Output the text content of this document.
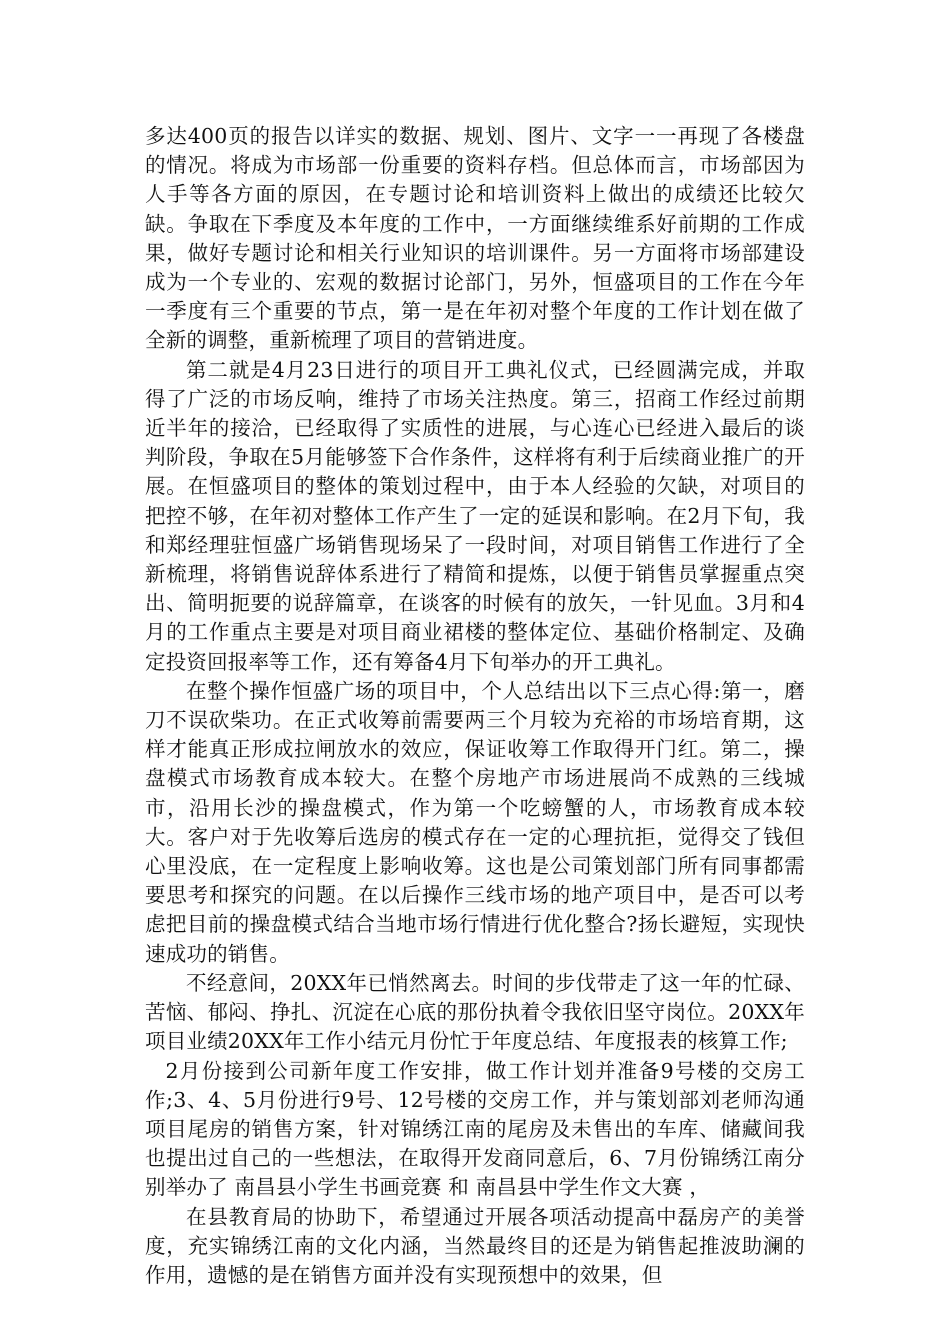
多达400页的报告以详实的数据、规划、图片、文字一一再现了各楼盘的情况。将成为市场部一份重要的资料存档。但总体而言，市场部因为人手等各方面的原因，在专题讨论和培训资料上做出的成绩还比较欠缺。争取在下季度及本年度的工作中，一方面继续维系好前期的工作成果，做好专题讨论和相关行业知识的培训课件。另一方面将市场部建设成为一个专业的、宏观的数据讨论部门，另外，恒盛项目的工作在今年一季度有三个重要的节点，第一是在年初对整个年度的工作计划在做了全新的调整，重新梳理了项目的营销进度。

第二就是4月23日进行的项目开工典礼仪式，已经圆满完成，并取得了广泛的市场反响，维持了市场关注热度。第三，招商工作经过前期近半年的接洽，已经取得了实质性的进展，与心连心已经进入最后的谈判阶段，争取在5月能够签下合作条件，这样将有利于后续商业推广的开展。在恒盛项目的整体的策划过程中，由于本人经验的欠缺，对项目的把控不够，在年初对整体工作产生了一定的延误和影响。在2月下旬，我和郑经理驻恒盛广场销售现场呆了一段时间，对项目销售工作进行了全新梳理，将销售说辞体系进行了精简和提炼，以便于销售员掌握重点突出、简明扼要的说辞篇章，在谈客的时候有的放矢，一针见血。3月和4月的工作重点主要是对项目商业裙楼的整体定位、基础价格制定、及确定投资回报率等工作，还有筹备4月下旬举办的开工典礼。

在整个操作恒盛广场的项目中，个人总结出以下三点心得:第一，磨刀不误砍柴功。在正式收筹前需要两三个月较为充裕的市场培育期，这样才能真正形成拉闸放水的效应，保证收筹工作取得开门红。第二，操盘模式市场教育成本较大。在整个房地产市场进展尚不成熟的三线城市，沿用长沙的操盘模式，作为第一个吃螃蟹的人，市场教育成本较大。客户对于先收筹后选房的模式存在一定的心理抗拒，觉得交了钱但心里没底，在一定程度上影响收筹。这也是公司策划部门所有同事都需要思考和探究的问题。在以后操作三线市场的地产项目中，是否可以考虑把目前的操盘模式结合当地市场行情进行优化整合?扬长避短，实现快速成功的销售。

不经意间，20XX年已悄然离去。时间的步伐带走了这一年的忙碌、苦恼、郁闷、挣扎、沉淀在心底的那份执着令我依旧坚守岗位。20XX年项目业绩20XX年工作小结元月份忙于年度总结、年度报表的核算工作;

2月份接到公司新年度工作安排，做工作计划并准备9号楼的交房工作;3、4、5月份进行9号、12号楼的交房工作，并与策划部刘老师沟通项目尾房的销售方案，针对锦绣江南的尾房及未售出的车库、储藏间我也提出过自己的一些想法，在取得开发商同意后，6、7月份锦绣江南分别举办了 南昌县小学生书画竞赛 和 南昌县中学生作文大赛 ，

在县教育局的协助下，希望通过开展各项活动提高中磊房产的美誉度，充实锦绣江南的文化内涵，当然最终目的还是为销售起推波助澜的作用，遗憾的是在销售方面并没有实现预想中的效果，但
